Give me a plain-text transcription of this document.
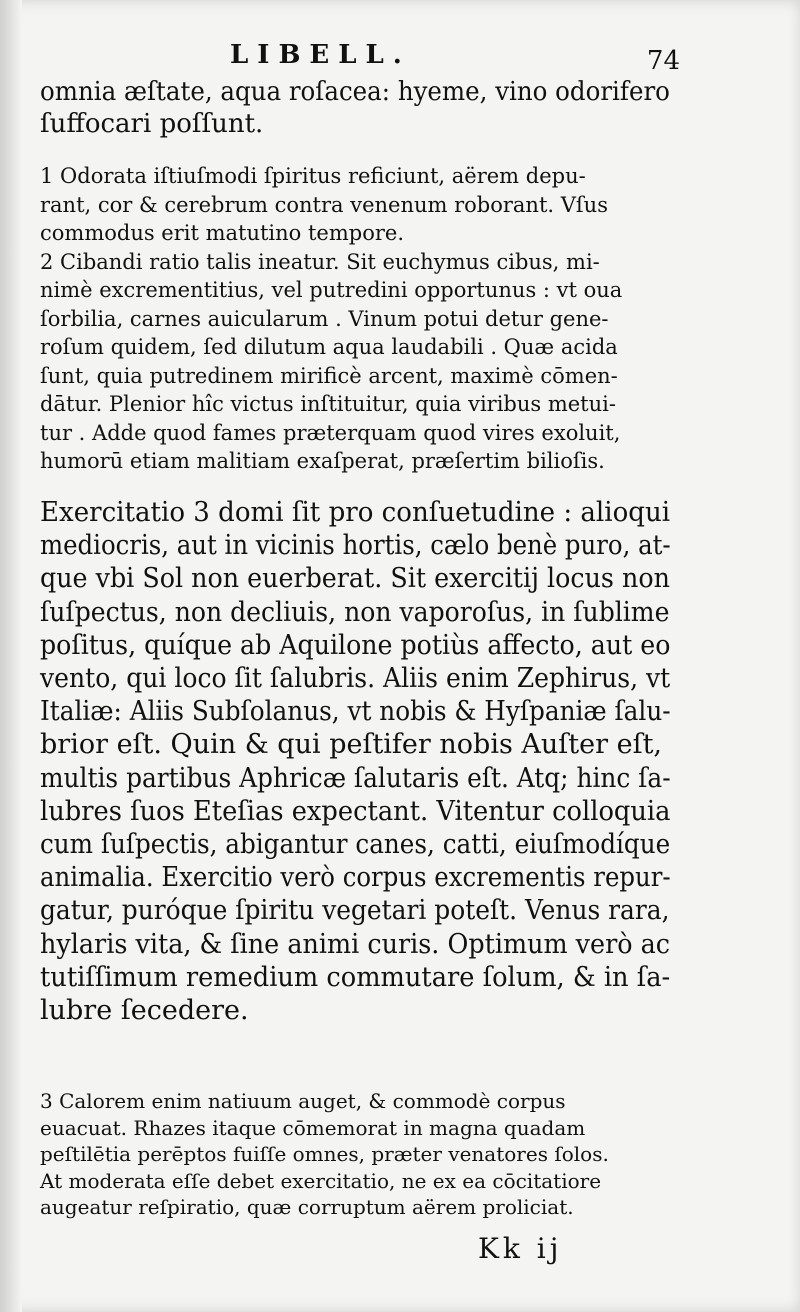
LIBELL.	74
omnia æſtate, aqua roſacea: hyeme, vino odorifero
ſuffocari poſſunt.
1 Odorata iſtiuſmodi ſpiritus reficiunt, aërem depu-
rant, cor & cerebrum contra venenum roborant. Vſus
commodus erit matutino tempore.
2 Cibandi ratio talis ineatur. Sit euchymus cibus, mi-
nimè excrementitius, vel putredini opportunus : vt oua
ſorbilia, carnes auicularum . Vinum potui detur gene-
roſum quidem, ſed dilutum aqua laudabili . Quæ acida
ſunt, quia putredinem mirificè arcent, maximè cōmen-
dātur. Plenior hîc victus inſtituitur, quia viribus metui-
tur . Adde quod fames præterquam quod vires exoluit,
humorū etiam malitiam exaſperat, præſertim bilioſis.
Exercitatio 3 domi ſit pro conſuetudine : alioqui
mediocris, aut in vicinis hortis, cælo benè puro, at-
que vbi Sol non euerberat. Sit exercitij locus non
ſuſpectus, non decliuis, non vaporoſus, in ſublime
poſitus, quíque ab Aquilone potiùs affecto, aut eo
vento, qui loco ſit ſalubris. Aliis enim Zephirus, vt
Italiæ: Aliis Subſolanus, vt nobis & Hyſpaniæ ſalu-
brior eſt. Quin & qui peſtifer nobis Auſter eſt,
multis partibus Aphricæ ſalutaris eſt. Atq; hinc ſa-
lubres ſuos Eteſias expectant. Vitentur colloquia
cum ſuſpectis, abigantur canes, catti, eiuſmodíque
animalia. Exercitio verò corpus excrementis repur-
gatur, puróque ſpiritu vegetari poteſt. Venus rara,
hylaris vita, & ſine animi curis. Optimum verò ac
tutiſſimum remedium commutare ſolum, & in ſa-
lubre ſecedere.
3 Calorem enim natiuum auget, & commodè corpus
euacuat. Rhazes itaque cōmemorat in magna quadam
peſtilētia perēptos fuiſſe omnes, præter venatores ſolos.
At moderata eſſe debet exercitatio, ne ex ea cōcitatiore
augeatur reſpiratio, quæ corruptum aërem proliciat.
Kk ij
